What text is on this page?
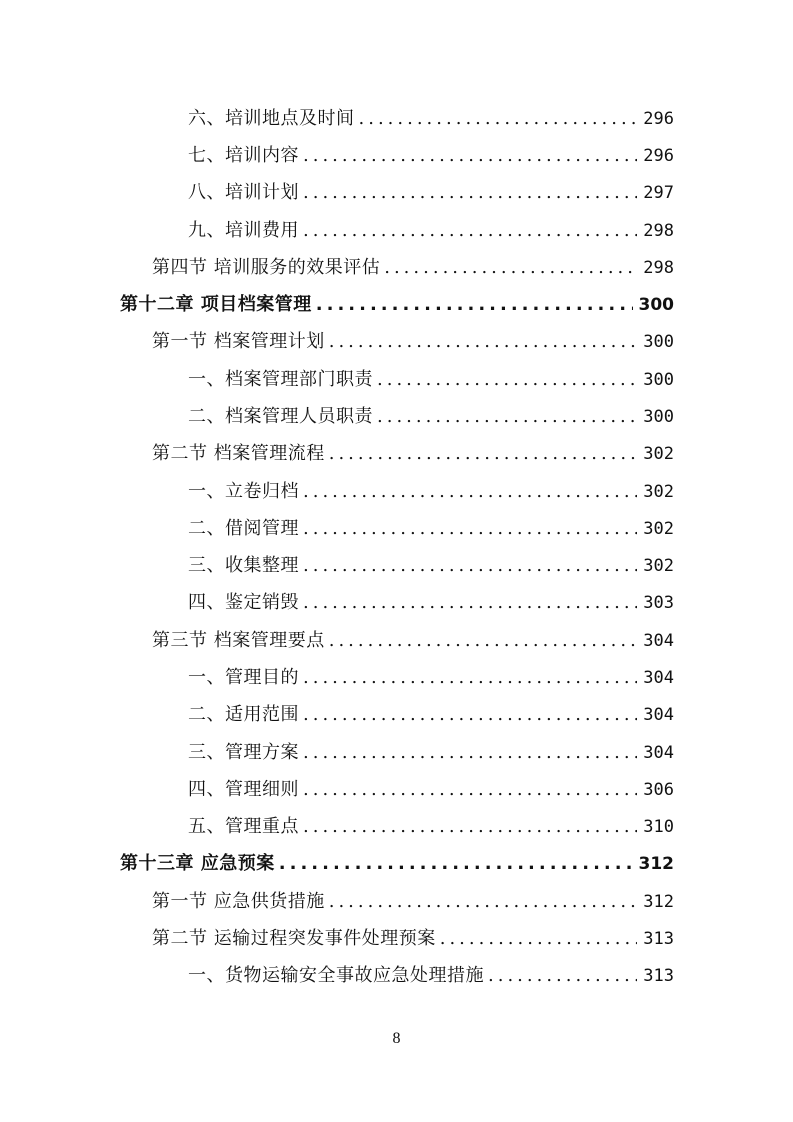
六、培训地点及时间 .....	296
七、培训内容 .....	296
八、培训计划 .....	297
九、培训费用 .....	298
第四节 培训服务的效果评估 .....	298
第十二章 项目档案管理 .....	300
第一节 档案管理计划 .....	300
一、档案管理部门职责 .....	300
二、档案管理人员职责 .....	300
第二节 档案管理流程 .....	302
一、立卷归档 .....	302
二、借阅管理 .....	302
三、收集整理 .....	302
四、鉴定销毁 .....	303
第三节 档案管理要点 .....	304
一、管理目的 .....	304
二、适用范围 .....	304
三、管理方案 .....	304
四、管理细则 .....	306
五、管理重点 .....	310
第十三章 应急预案 .....	312
第一节 应急供货措施 .....	312
第二节 运输过程突发事件处理预案 .....	313
一、货物运输安全事故应急处理措施 .....	313
8
